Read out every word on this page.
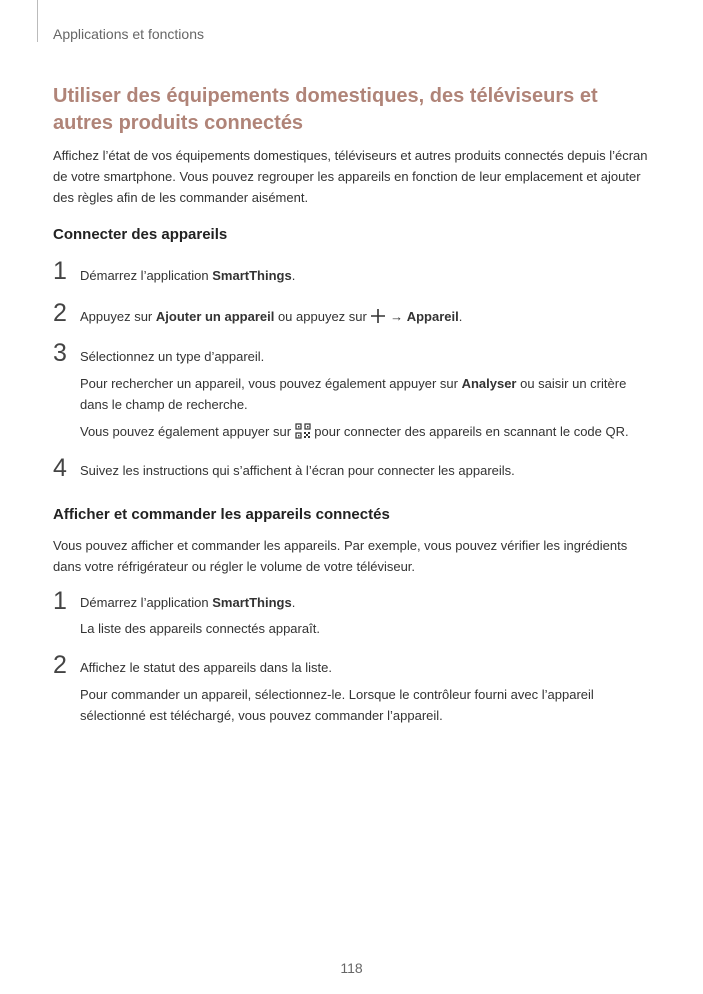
Applications et fonctions
Utiliser des équipements domestiques, des téléviseurs et autres produits connectés
Affichez l’état de vos équipements domestiques, téléviseurs et autres produits connectés depuis l’écran de votre smartphone. Vous pouvez regrouper les appareils en fonction de leur emplacement et ajouter des règles afin de les commander aisément.
Connecter des appareils
1 Démarrez l’application SmartThings.
2 Appuyez sur Ajouter un appareil ou appuyez sur  → Appareil.
3 Sélectionnez un type d’appareil.
Pour rechercher un appareil, vous pouvez également appuyer sur Analyser ou saisir un critère dans le champ de recherche.
Vous pouvez également appuyer sur  pour connecter des appareils en scannant le code QR.
4 Suivez les instructions qui s’affichent à l’écran pour connecter les appareils.
Afficher et commander les appareils connectés
Vous pouvez afficher et commander les appareils. Par exemple, vous pouvez vérifier les ingrédients dans votre réfrigérateur ou régler le volume de votre téléviseur.
1 Démarrez l’application SmartThings.
La liste des appareils connectés apparaît.
2 Affichez le statut des appareils dans la liste.
Pour commander un appareil, sélectionnez-le. Lorsque le contrôleur fourni avec l’appareil sélectionné est téléchargé, vous pouvez commander l’appareil.
118
